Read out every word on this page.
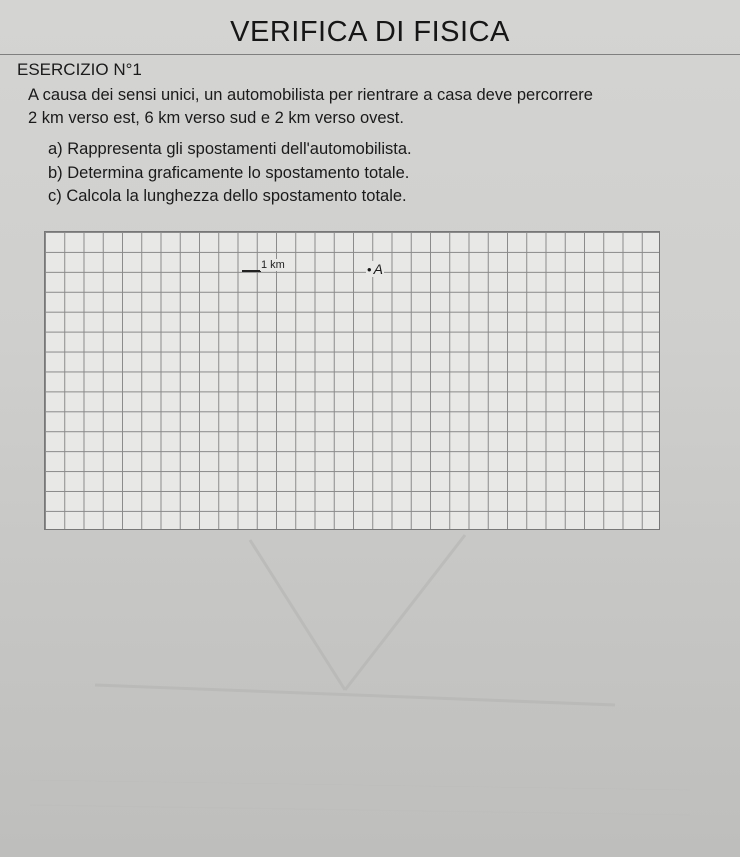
VERIFICA DI FISICA
ESERCIZIO N°1
A causa dei sensi unici, un automobilista per rientrare a casa deve percorrere
2 km verso est, 6 km verso sud e 2 km verso ovest.
a) Rappresenta gli spostamenti dell'automobilista.
b) Determina graficamente lo spostamento totale.
c) Calcola la lunghezza dello spostamento totale.
1 km	• A
